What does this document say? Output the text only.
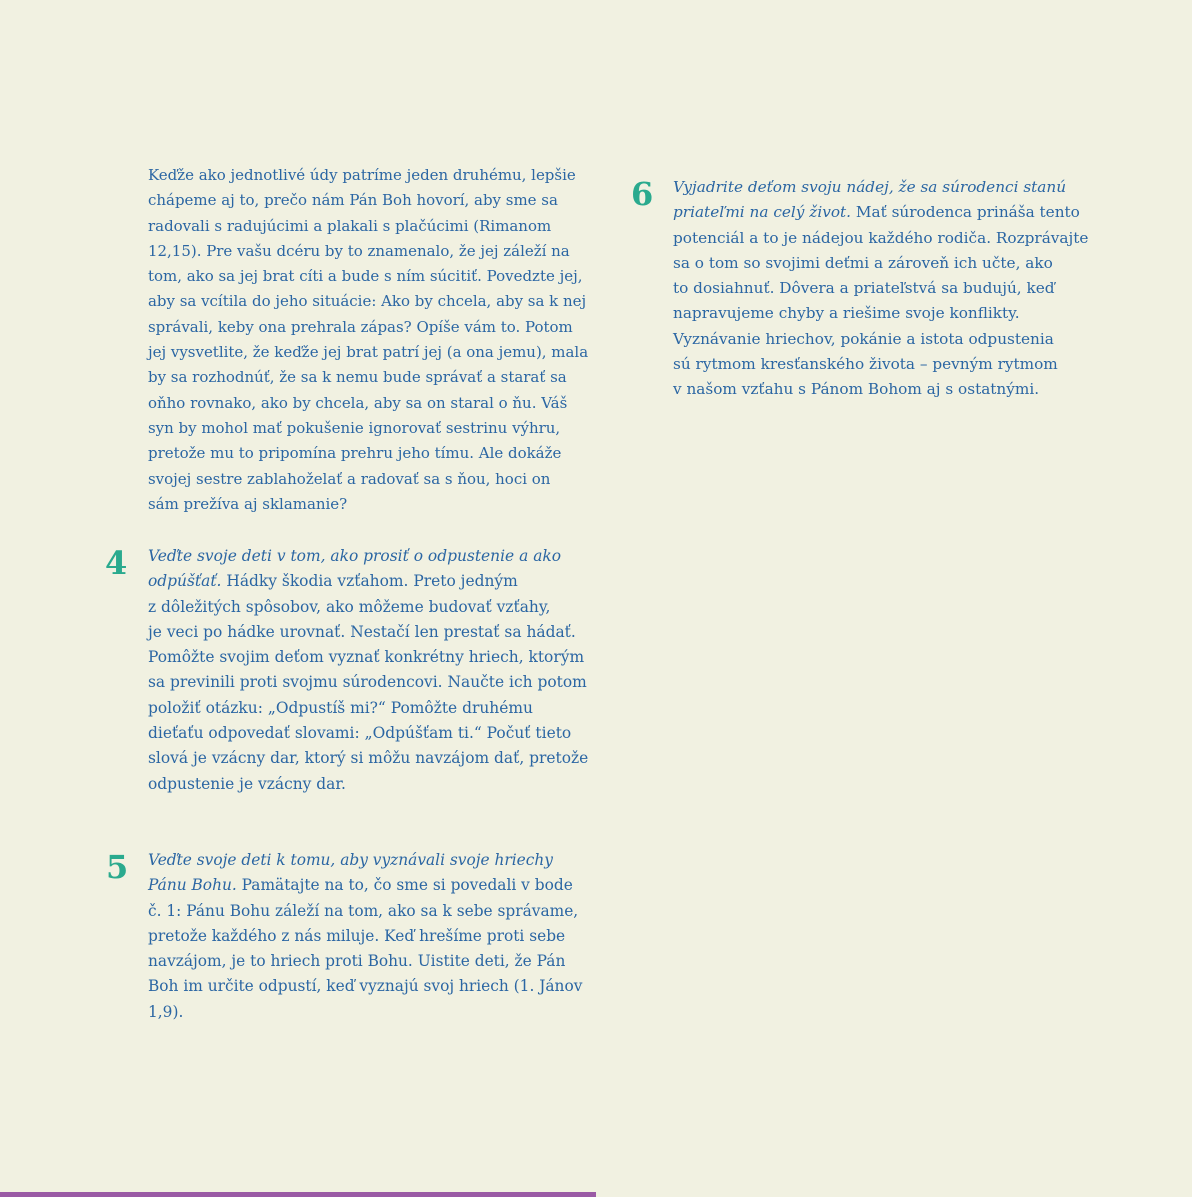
Keďže ako jednotlivé údy patríme jeden druhému, lepšie
chápeme aj to, prečo nám Pán Boh hovorí, aby sme sa
radovali s radujúcimi a plakali s plačúcimi (Rimanom
12,15). Pre vašu dcéru by to znamenalo, že jej záleží na
tom, ako sa jej brat cíti a bude s ním súcitiť. Povedzte jej,
aby sa vcítila do jeho situácie: Ako by chcela, aby sa k nej
správali, keby ona prehrala zápas? Opíše vám to. Potom
jej vysvetlite, že keďže jej brat patrí jej (a ona jemu), mala
by sa rozhodnúť, že sa k nemu bude správať a starať sa
oňho rovnako, ako by chcela, aby sa on staral o ňu. Váš
syn by mohol mať pokušenie ignorovať sestrinu výhru,
pretože mu to pripomína prehru jeho tímu. Ale dokáže
svojej sestre zablahoželať a radovať sa s ňou, hoci on
sám prežíva aj sklamanie?
4 Veďte svoje deti v tom, ako prosiť o odpustenie a ako
odpúšťať. Hádky škodia vzťahom. Preto jedným
z dôležitých spôsobov, ako môžeme budovať vzťahy,
je veci po hádke urovnať. Nestačí len prestať sa hádať.
Pomôžte svojim deťom vyznať konkrétny hriech, ktorým
sa previnili proti svojmu súrodencovi. Naučte ich potom
položiť otázku: „Odpustíš mi?“ Pomôžte druhému
dieťaťu odpovedať slovami: „Odpúšťam ti.“ Počuť tieto
slová je vzácny dar, ktorý si môžu navzájom dať, pretože
odpustenie je vzácny dar.
5 Veďte svoje deti k tomu, aby vyznávali svoje hriechy
Pánu Bohu. Pamätajte na to, čo sme si povedali v bode
č. 1: Pánu Bohu záleží na tom, ako sa k sebe správame,
pretože každého z nás miluje. Keď hrešíme proti sebe
navzájom, je to hriech proti Bohu. Uistite deti, že Pán
Boh im určite odpustí, keď vyznajú svoj hriech (1. Jánov
1,9).
6 Vyjadrite deťom svoju nádej, že sa súrodenci stanú
priateľmi na celý život. Mať súrodenca prináša tento
potenciál a to je nádejou každého rodiča. Rozprávajte
sa o tom so svojimi deťmi a zároveň ich učte, ako
to dosiahnuť. Dôvera a priateľstvá sa budujú, keď
napravujeme chyby a riešime svoje konflikty.
Vyznávanie hriechov, pokánie a istota odpustenia
sú rytmom kresťanského života – pevným rytmom
v našom vzťahu s Pánom Bohom aj s ostatnými.
